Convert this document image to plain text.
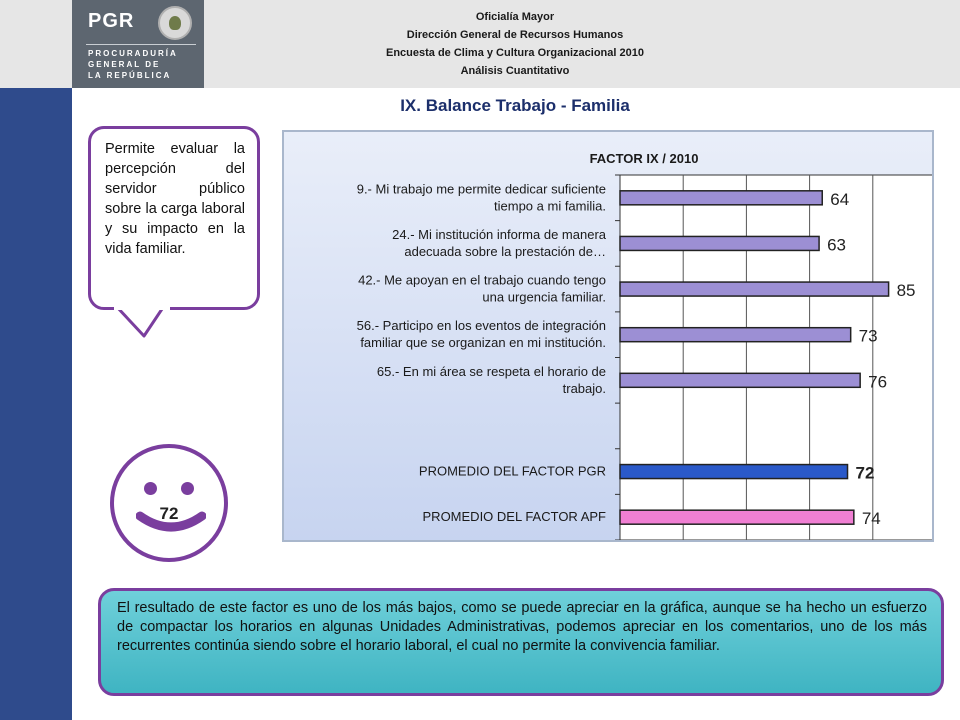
PGR
PROCURADURÍA
GENERAL DE
LA REPÚBLICA
Oficialía Mayor
Dirección General de Recursos Humanos
Encuesta de Clima y Cultura Organizacional 2010
Análisis Cuantitativo
IX. Balance Trabajo - Familia
Permite evaluar la percepción del servidor público sobre la carga laboral y su impacto en la vida familiar.
72
FACTOR IX / 2010
9.- Mi trabajo me permite dedicar suficiente
tiempo a mi familia.
24.- Mi institución informa de manera
adecuada sobre la prestación de…
42.- Me apoyan en el trabajo cuando tengo
una urgencia familiar.
56.- Participo en los eventos de integración
familiar que se organizan en mi institución.
65.- En mi área se respeta el horario de
trabajo.
PROMEDIO DEL FACTOR PGR
PROMEDIO DEL FACTOR APF
64
63
85
73
76
72
74
El resultado de este factor es uno de los más bajos, como se puede apreciar en la gráfica, aunque se ha hecho un esfuerzo de compactar los horarios en algunas Unidades Administrativas, podemos apreciar en los comentarios, uno de los más recurrentes continúa siendo sobre el horario laboral, el cual no permite la convivencia familiar.
